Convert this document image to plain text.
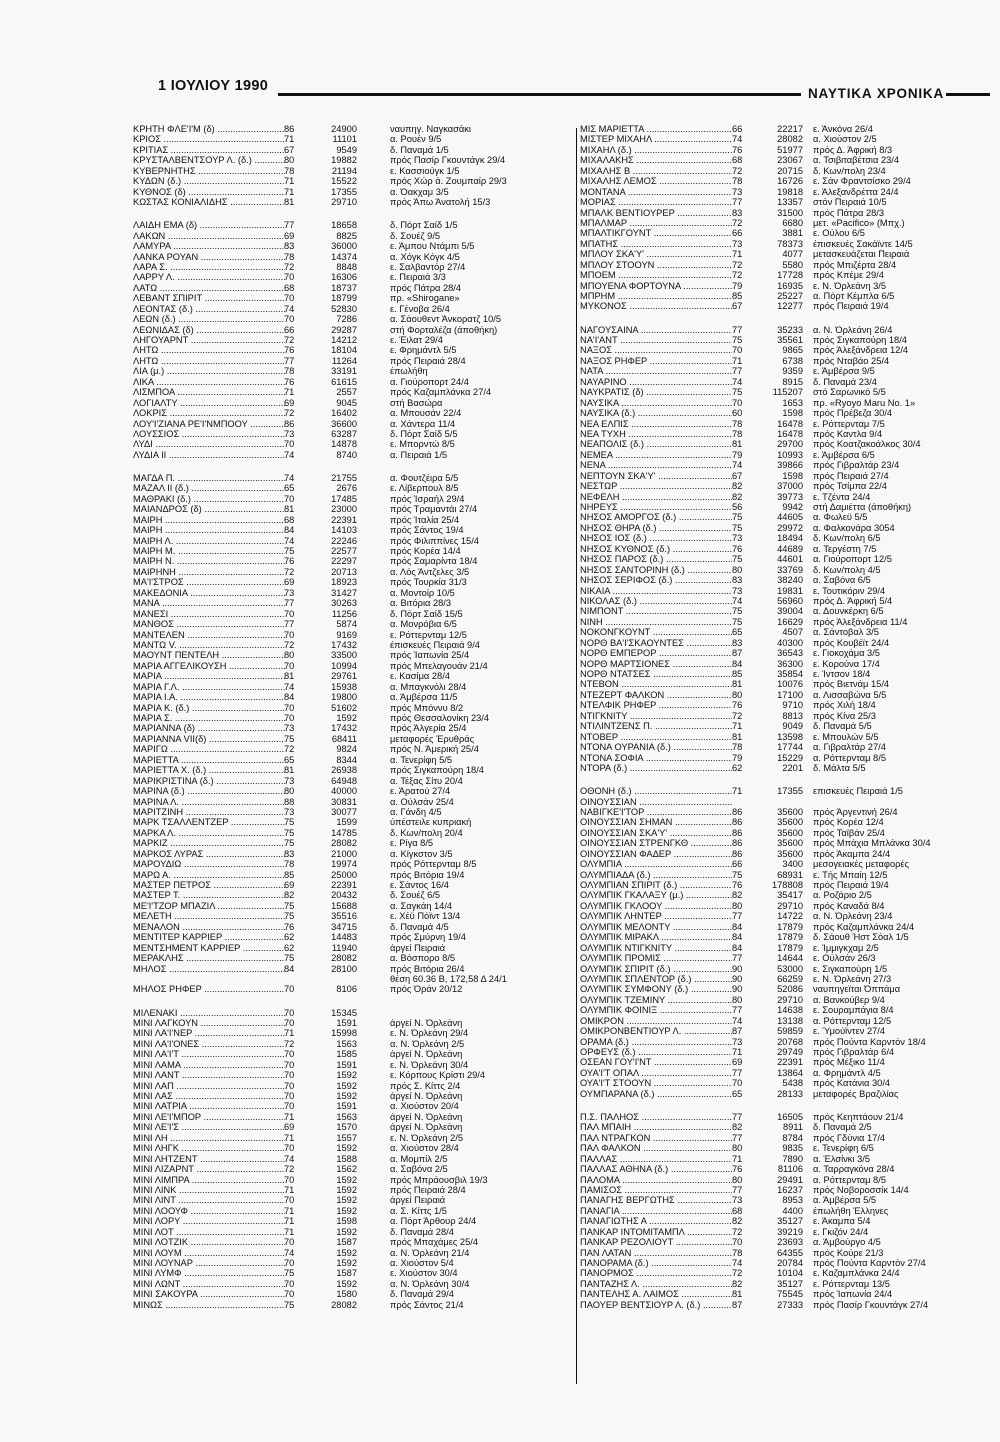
1 ΙΟΥΛΙΟΥ 1990	ΝΑΥΤΙΚΑ ΧΡΟΝΙΚΑ
ΚΡΗΤΗ ΦΛΕ'Ι'Μ (δ) .....	86	24900	ναυπηγ. Ναγκασάκι
ΚΡΙΟΣ .....	71	11101	α. Ρουέν 9/5
ΚΡΙΤΙΑΣ .....	67	9549	δ. Παναμά 1/5
ΚΡΥΣΤΑΛΒΕΝΤΣΟΥΡ Λ. (δ.) .....	80	19882	πρός Πασίρ Γκουντάγκ 29/4
ΚΥΒΕΡΝΗΤΗΣ .....	78	21194	ε. Κασσιούγκ 1/5
ΚΥΔΩΝ (δ.) .....	71	15522	πρός Χώρ ά. Ζουμπαίρ 29/3
ΚΥΘΝΟΣ (δ) .....	71	17355	α. Όακχαμ 3/5
ΚΩΣΤΑΣ ΚΟΝΙΑΛΙΔΗΣ .....	81	29710	πρός Άπω Άνατολή 15/3
ΛΑΙΔΗ ΕΜΑ (δ) .....	77	18658	δ. Πόρτ Σαίδ 1/5
ΛΑΚΩΝ .....	69	8825	δ. Σουέζ 9/5
ΛΑΜΥΡΑ .....	83	36000	ε. Άμπου Ντάμπι 5/5
ΛΑΝΚΑ ΡΟΥΑΝ .....	78	14374	α. Χόγκ Κόγκ 4/5
ΛΑΡΑ Σ. .....	72	8848	ε. Σαλβαντόρ 27/4
ΛΑΡΡΥ Λ. .....	70	16306	ε. Πειραιά 3/3
ΛΑΤΩ .....	68	18737	πρός Πάτρα 28/4
ΛΕΒΑΝΤ ΣΠΙΡΙΤ .....	70	18799	πρ. «Shirogane»
ΛΕΟΝΤΑΣ (δ.) .....	74	52830	ε. Γένοβα 26/4
ΛΕΩΝ (δ.) .....	70	7286	α. Σάουθεντ Άνκορατζ 10/5
ΛΕΩΝΙΔΑΣ (δ) .....	66	29287	στή Φορταλέζα (άποθήκη)
ΛΗΓΟΥΑΡΝΤ .....	72	14212	ε. Έιλατ 29/4
ΛΗΤΩ .....	76	18104	ε. Φρημάντλ 5/5
ΛΗΤΩ .....	77	11264	πρός Πειραιά 28/4
ΛΙΑ (μ.) .....	78	33191	έπωλήθη
ΛΙΚΑ .....	76	61615	α. Γιούροπορτ 24/4
ΛΙΣΜΠΟΑ .....	71	2557	πρός Καζαμπλάνκα 27/4
ΛΟΓΙΑΛΤΥ .....	69	9045	στή Βασώρα
ΛΟΚΡΙΣ .....	72	16402	α. Μπουσάν 22/4
ΛΟΥ'Ι'ΖΙΑΝΑ ΡΕ'Ι'ΝΜΠΟΟΥ .....	86	36600	α. Χάντερα 11/4
ΛΟΥΣΣΙΟΣ .....	73	63287	δ. Πόρτ Σαίδ 5/5
ΛΥΔΙ .....	70	14878	ε. Μπορντώ 8/5
ΛΥΔΙΑ ΙΙ .....	74	8740	α. Πειραιά 1/5
ΜΑΓΔΑ Π. .....	74	21755	α. Φουτζέιρα 5/5
ΜΑΖΑΛ ΙΙ (δ.) .....	65	2676	ε. Λίβερπουλ 8/5
ΜΑΘΡΑΚΙ (δ.) .....	70	17485	πρός Ίσραήλ 29/4
ΜΑΙΑΝΔΡΟΣ (δ) .....	81	23000	πρός Τραμαντάι 27/4
ΜΑΙΡΗ .....	68	22391	πρός Ίταλία 25/4
ΜΑΙΡΗ .....	84	14103	πρός Σάντος 19/4
ΜΑΙΡΗ Λ. .....	74	22246	πρός Φιλιππίνες 15/4
ΜΑΙΡΗ Μ. .....	75	22577	πρός Κορέα 14/4
ΜΑΙΡΗ Ν. .....	76	22297	πρός Σαμαρίντα 18/4
ΜΑΙΡΗΝΗ .....	72	20713	α. Λός Άντζελες 3/5
ΜΑ'Ι'ΣΤΡΟΣ .....	69	18923	πρός Τουρκία 31/3
ΜΑΚΕΔΟΝΙΑ .....	73	31427	α. Μοντοίρ 10/5
ΜΑΝΑ .....	77	30263	α. Βιτόρια 28/3
ΜΑΝΕΣΙ .....	70	11256	δ. Πόρτ Σαίδ 15/5
ΜΑΝΘΟΣ .....	77	5874	α. Μονρόβια 6/5
ΜΑΝΤΕΛΕΝ .....	70	9169	ε. Ρόττερνταμ 12/5
ΜΑΝΤΩ V. .....	72	17432	έπισκευές Πειραιά 9/4
ΜΑΟΥΝΤ ΠΕΝΤΕΛΗ .....	80	33500	πρός Ίαπωνία 25/4
ΜΑΡΙΑ ΑΓΓΕΛΙΚΟΥΣΗ .....	70	10994	πρός Μπελαγουάν 21/4
ΜΑΡΙΑ .....	81	29761	ε. Κασίμα 28/4
ΜΑΡΙΑ Γ.Λ. .....	74	15938	α. Μπαγκνόλι 28/4
ΜΑΡΙΑ Ι.Α. .....	84	19800	α. Άμβέρσα 11/5
ΜΑΡΙΑ Κ. (δ.) .....	70	51602	πρός Μπόννυ 8/2
ΜΑΡΙΑ Σ. .....	70	1592	πρός Θεσσαλονίκη 23/4
ΜΑΡΙΑΝΝΑ (δ) .....	73	17432	πρός Άλγερία 25/4
ΜΑΡΙΑΝΝΑ VII(δ) .....	75	68411	μεταφορές Έρυθράς
ΜΑΡΙΓΩ .....	72	9824	πρός Ν. Άμερική 25/4
ΜΑΡΙΕΤΤΑ .....	65	8344	α. Τενερίφη 5/5
ΜΑΡΙΕΤΤΑ Χ. (δ.) .....	81	26938	πρός Σιγκαπούρη 18/4
ΜΑΡΙΚΡΙΣΤΙΝΑ (δ.) .....	73	64948	α. Τέξας Σίτυ 20/4
ΜΑΡΙΝΑ (δ.) .....	80	40000	ε. Άρατού 27/4
ΜΑΡΙΝΑ Λ. .....	88	30831	α. Ούλσάν 25/4
ΜΑΡΙΤΖΙΝΗ .....	73	30077	α. Γάνδη 4/5
ΜΑΡΚ ΤΣΑΛΛΕΝΤΖΕΡ .....	75	1599	ύπέστειλε κυπριακή
ΜΑΡΚΑ Λ. .....	75	14785	δ. Κων/πολη 20/4
ΜΑΡΚΙΖ .....	75	28082	ε. Ρίγα 8/5
ΜΑΡΚΟΣ ΛΥΡΑΣ .....	83	21000	α. Κίγκστον 3/5
ΜΑΡΟΥΔΙΩ .....	78	19974	πρός Ρόττερνταμ 8/5
ΜΑΡΩ Α. .....	85	25000	πρός Βιτόρια 19/4
ΜΑΣΤΕΡ ΠΕΤΡΟΣ .....	69	22391	ε. Σάντος 16/4
ΜΑΣΤΕΡ Τ. .....	82	20432	δ. Σουέζ 6/5
ΜΕ'Ι'ΤΖΟΡ ΜΠΑΖΙΛ .....	75	15688	α. Σαγκάη 14/4
ΜΕΛΕΤΗ .....	75	35516	ε. Χέϋ Πόϊντ 13/4
ΜΕΝΑΛΟΝ .....	76	34715	δ. Παναμά 4/5
ΜΕΝΤΙΤΕΡ ΚΑΡΡΙΕΡ .....	62	14483	πρός Σμύρνη 19/4
ΜΕΝΤΣΗΜΕΝΤ ΚΑΡΡΙΕΡ .....	62	11940	άργεί Πειραιά
ΜΕΡΑΚΛΗΣ .....	75	28082	α. Βόσπορο 8/5
ΜΗΛΟΣ .....	84	28100	πρός Βιτόρια 26/4
θέση 60.36 Β, 172,58 Δ 24/1
ΜΗΛΟΣ ΡΗΦΕΡ .....	70	8106	πρός Όράν 20/12
ΜΙΛΕΝΑΚΙ .....	70	15345
ΜΙΝΙ ΛΑΓΚΟΥΝ .....	70	1591	άργεί Ν. Όρλεάνη
ΜΙΝΙ ΛΑ'Ι'ΝΕΡ .....	71	15998	ε. Ν. Όρλεάνη 29/4
ΜΙΝΙ ΛΑ'Ι'ΟΝΕΣ .....	72	1563	α. Ν. Όρλεάνη 2/5
ΜΙΝΙ ΛΑ'Ι'Τ .....	70	1585	άργεί Ν. Όρλεάνη
ΜΙΝΙ ΛΑΜΑ .....	70	1591	ε. Ν. Όρλεάνη 30/4
ΜΙΝΙ ΛΑΝΤ .....	70	1592	ε. Κόρπους Κρίστι 29/4
ΜΙΝΙ ΛΑΠ .....	70	1592	πρός Σ. Κίττς 2/4
ΜΙΝΙ ΛΑΣ .....	70	1592	άργεί Ν. Όρλεάνη
ΜΙΝΙ ΛΑΤΡΙΑ .....	70	1591	α. Χιούστον 20/4
ΜΙΝΙ ΛΕ'Ι'ΜΠΟΡ .....	71	1563	άργεί Ν. Όρλεάνη
ΜΙΝΙ ΛΕ'Ι'Σ .....	69	1570	άργεί Ν. Όρλεάνη
ΜΙΝΙ ΛΗ .....	71	1557	ε. Ν. Όρλεάνη 2/5
ΜΙΝΙ ΛΗΓΚ .....	70	1592	α. Χιούστον 28/4
ΜΙΝΙ ΛΗΤΖΕΝΤ .....	74	1588	α. Μομπίλ 2/5
ΜΙΝΙ ΛΙΖΑΡΝΤ .....	72	1562	α. Σαβόνα 2/5
ΜΙΝΙ ΛΙΜΠΡΑ .....	70	1592	πρός Μπράουσβιλ 19/3
ΜΙΝΙ ΛΙΝΚ .....	71	1592	πρός Πειραιά 28/4
ΜΙΝΙ ΛΙΝΤ .....	70	1592	άργεί Πειραιά
ΜΙΝΙ ΛΟΟΥΦ .....	71	1592	α. Σ. Κίττς 1/5
ΜΙΝΙ ΛΟΡΥ .....	71	1598	α. Πόρτ Άρθουρ 24/4
ΜΙΝΙ ΛΟΤ .....	71	1592	δ. Παναμά 28/4
ΜΙΝΙ ΛΟΤΖΙΚ .....	70	1587	πρός Μπαχάμες 25/4
ΜΙΝΙ ΛΟΥΜ .....	74	1592	α. Ν. Όρλεάνη 21/4
ΜΙΝΙ ΛΟΥΝΑΡ .....	70	1592	α. Χιούστον 5/4
ΜΙΝΙ ΛΥΜΦ .....	75	1587	ε. Χιούστον 30/4
ΜΙΝΙ ΛΩΝΤ .....	70	1592	α. Ν. Όρλεάνη 30/4
ΜΙΝΙ ΣΑΚΟΥΡΑ .....	70	1580	δ. Παναμά 29/4
ΜΙΝΩΣ .....	75	28082	πρός Σάντος 21/4
ΜΙΣ ΜΑΡΙΕΤΤΑ .....	66	22217 ε. Άνκόνα 26/4
ΜΙΣΤΕΡ ΜΙΧΑΗΛ .....	74	28082 α. Χιούστον 2/5
ΜΙΧΑΗΛ (δ.) .....	76	51977 πρός Δ. Άφρική 8/3
ΜΙΧΑΛΑΚΗΣ .....	68	23067 α. Τσιβιταβέτσια 23/4
ΜΙΧΑΛΗΣ Β .....	72	20715 δ. Κων/πολη 23/4
ΜΙΧΑΛΗΣ ΛΕΜΟΣ .....	78	16726 ε. Σάν Φραντσίσκο 29/4
ΜΟΝΤΑΝΑ .....	73	19818 ε. Άλεξανδρέττα 24/4
ΜΟΡΙΑΣ .....	77	13357 στόν Πειραιά 10/5
ΜΠΑΛΚ ΒΕΝΤΙΟΥΡΕΡ .....	83	31500 πρός Πάτρα 28/3
ΜΠΑΛΜΑΡ .....	72	6680 μετ. «Pacifico» (Μπχ.)
ΜΠΑΛΤΙΚΓΟΥΝΤ .....	66	3881 ε. Ούλου 6/5
ΜΠΑΤΗΣ .....	73	78373 έπισκευές Σακάϊντε 14/5
ΜΠΛΟΥ ΣΚΑ'Υ' .....	71	4077 μετασκευάζεται Πειραιά
ΜΠΛΟΥ ΣΤΟΟΥΝ .....	72	5580 πρός Μπιζέρτα 28/4
ΜΠΟΕΜ .....	72	17728 πρός Κπέμε 29/4
ΜΠΟΥΕΝΑ ΦΟΡΤΟΥΝΑ .....	79	16935 ε. Ν. Όρλεάνη 3/5
ΜΠΡΗΜ .....	85	25227 α. Πόρτ Κέμπλα 6/5
ΜΥΚΟΝΟΣ .....	67	12277 πρός Πειραιά 19/4
ΝΑΓΟΥΣΑΙΝΑ .....	77	35233 α. Ν. Όρλεάνη 26/4
ΝΑ'Ι'ΑΝΤ .....	75	35561 πρός Σιγκαπούρη 18/4
ΝΑΞΟΣ .....	70	9865 πρός Άλεξάνδρεια 12/4
ΝΑΞΟΣ ΡΗΦΕΡ .....	71	6738 πρός Νταβάο 25/4
ΝΑΤΑ .....	77	9359 ε. Άμβέρσα 9/5
ΝΑΥΑΡΙΝΟ .....	74	8915 δ. Παναμά 23/4
ΝΑΥΚΡΑΤΙΣ (δ) .....	75	115207 στό Σαρωνικό 5/5
ΝΑΥΣΙΚΑ .....	70	1653 πρ. «Ryoyo Maru No. 1»
ΝΑΥΣΙΚΑ (δ.) .....	60	1598 πρός Πρέβεζα 30/4
ΝΕΑ ΕΛΠΙΣ .....	78	16478 ε. Ρόττερνταμ 7/5
ΝΕΑ ΤΥΧΗ .....	78	16478 πρός Καντλα 9/4
ΝΕΑΠΟΛΙΣ (δ.) .....	81	29700 πρός Κοατζακοάλκος 30/4
ΝΕΜΕΑ .....	79	10993 ε. Άμβέρσα 6/5
ΝΕΝΑ .....	74	39866 πρός Γιβραλτάρ 23/4
ΝΕΠΤΟΥΝ ΣΚΑ'Υ' .....	67	1598 πρός Πειραιά 27/4
ΝΕΣΤΩΡ .....	82	37000 πρός Τσίμπα 22/4
ΝΕΦΕΛΗ .....	82	39773 ε. Τζέντα 24/4
ΝΗΡΕΥΣ .....	56	9942 στή Δαμιέττα (άποθήκη)
ΝΗΣΟΣ ΑΜΟΡΓΟΣ (δ.) .....	75	44605 α. Φωλεϋ 5/5
ΝΗΣΟΣ ΘΗΡΑ (δ.) .....	75	29972 α. Φαλκονάρα 3054
ΝΗΣΟΣ ΙΟΣ (δ.) .....	73	18494 δ. Κων/πολη 6/5
ΝΗΣΟΣ ΚΥΘΝΟΣ (δ.) .....	76	44689 α. Τεργέστη 7/5
ΝΗΣΟΣ ΠΑΡΟΣ (δ.) .....	75	44601 α. Γιούροπορτ 12/5
ΝΗΣΟΣ ΣΑΝΤΟΡΙΝΗ (δ.) .....	80	33769 δ. Κων/πολη 4/5
ΝΗΣΟΣ ΣΕΡΙΦΟΣ (δ.) .....	83	38240 α. Σαβόνα 6/5
ΝΙΚΑΙΑ .....	73	19831 ε. Τουτικόριν 29/4
ΝΙΚΟΛΑΣ (δ.) .....	74	56960 πρός Δ. Άφρική 5/4
ΝΙΜΠΟΝΤ .....	75	39004 α. Δουνκέρκη 6/5
ΝΙΝΗ .....	75	16629 πρός Άλεξάνδρεια 11/4
ΝΟΚΟΝΓΚΟΥΝΤ .....	65	4507 α. Σάντοβαλ 3/5
ΝΟΡΘ ΒΑ'Ι'ΣΚΑΟΥΝΤΕΣ .....	83	40300 πρός Κουβέϊτ 24/4
ΝΟΡΘ ΕΜΠΕΡΟΡ .....	87	36543 ε. Γιοκοχάμα 3/5
ΝΟΡΘ ΜΑΡΤΣΙΟΝΕΣ .....	84	36300 ε. Κορούνα 17/4
ΝΟΡΘ ΝΤΑΤΣΕΣ .....	85	35854 ε. Ίντσον 18/4
ΝΤΕΒΟΝ .....	81	10076 πρός Βιετνάμ 15/4
ΝΤΕΖΕΡΤ ΦΑΛΚΟΝ .....	80	17100 α. Λισσαβώνα 5/5
ΝΤΕΛΦΙΚ ΡΗΦΕΡ .....	76	9710 πρός Χιλή 18/4
ΝΤΙΓΚΝΙΤΥ .....	72	8813 πρός Κίνα 25/3
ΝΤΙΛΙΝΤΖΕΝΣ Π. .....	71	9049 δ. Παναμά 5/5
ΝΤΟΒΕΡ .....	81	13598 ε. Μπουλών 5/5
ΝΤΟΝΑ ΟΥΡΑΝΙΑ (δ.) .....	78	17744 α. Γιβραλτάρ 27/4
ΝΤΟΝΑ ΣΟΦΙΑ .....	79	15229 α. Ρόττερνταμ 8/5
ΝΤΟΡΑ (δ.) .....	62	2201 δ. Μάλτα 5/5
ΟΘΟΝΗ (δ.) .....	71	17355 επισκευές Πειραιά 1/5
ΟΙΝΟΥΣΣΙΑΝ .....
ΝΑΒΙΓΚΕ'Ι'ΤΟΡ .....	86	35600 πρός Άργεντινή 26/4
ΟΙΝΟΥΣΣΙΑΝ ΣΗΜΑΝ .....	86	35600 πρός Κορέα 12/4
ΟΙΝΟΥΣΣΙΑΝ ΣΚΑ'Υ' .....	86	35600 πρός Ταϊβάν 25/4
ΟΙΝΟΥΣΣΙΑΝ ΣΤΡΕΝΓΚΘ .....	86	35600 πρός Μπάχια Μπλάνκα 30/4
ΟΙΝΟΥΣΣΙΑΝ ΦΑΔΕΡ .....	86	35600 πρός Άκαμπα 24/4
ΟΛΥΜΠΙΑ .....	66	3400 μεσογειακές μεταφορές
ΟΛΥΜΠΙΑΔΑ (δ.) .....	75	68931 ε. Τής Μπαίη 12/5
ΟΛΥΜΠΙΑΝ ΣΠΙΡΙΤ (δ.) .....	76	178808 πρός Πειραιά 19/4
ΟΛΥΜΠΙΚ ΓΚΑΛΑΞΥ (μ.) .....	82	35417 α. Ροζάριο 2/5
ΟΛΥΜΠΙΚ ΓΚΛΟΟΥ .....	80	29710 πρός Καναδά 8/4
ΟΛΥΜΠΙΚ ΛΗΝΤΕΡ .....	77	14722 α. Ν. Όρλεάνη 23/4
ΟΛΥΜΠΙΚ ΜΕΛΟΝΤΥ .....	84	17879 πρός Καζαμπλάνκα 24/4
ΟΛΥΜΠΙΚ ΜΙΡΑΚΛ .....	84	17879 δ. Σάουθ Ήστ Σόαλ 1/5
ΟΛΥΜΠΙΚ ΝΤΙΓΚΝΙΤΥ .....	84	17879 ε. Ίμμιγκχαμ 2/5
ΟΛΥΜΠΙΚ ΠΡΟΜΙΣ .....	77	14644 ε. Ούλσάν 26/3
ΟΛΥΜΠΙΚ ΣΠΙΡΙΤ (δ.) .....	90	53000 ε. Σιγκαπούρη 1/5
ΟΛΥΜΠΙΚ ΣΠΛΕΝΤΟΡ (δ.) .....	90	66259 ε. Ν. Όρλεάνη 27/3
ΟΛΥΜΠΙΚ ΣΥΜΦΟΝΥ (δ.) .....	90	52086 ναυπηγεϊται Όππάμα
ΟΛΥΜΠΙΚ ΤΖΕΜΙΝΥ .....	80	29710 α. Βανκούβερ 9/4
ΟΛΥΜΠΙΚ ΦΟΙΝΙΞ .....	77	14638 ε. Σουραμπάγια 8/4
ΟΜΙΚΡΟΝ .....	74	13138 α. Ρόττερνταμ 12/5
ΟΜΙΚΡΟΝΒΕΝΤΙΟΥΡ Λ. .....	87	59859 ε. Ύμούϊντεν 27/4
ΟΡΑΜΑ (δ.) .....	73	20768 πρός Πούντα Καρντόν 18/4
ΟΡΦΕΥΣ (δ.) .....	71	29749 πρός Γιβραλτάρ 6/4
ΟΣΕΑΝ ΓΟΥ'Ι'ΝΤ .....	69	22391 πρός Μέξικο 11/4
ΟΥΑ'Ι'Τ ΟΠΑΛ .....	77	13864 α. Φρημάντλ 4/5
ΟΥΑ'Ι'Τ ΣΤΟΟΥΝ .....	70	5438 πρός Κατάνια 30/4
ΟΥΜΠΑΡΑΝΑ (δ.) .....	65	28133 μεταφορές Βραζιλίας
Π.Σ. ΠΑΛΗΟΣ .....	77	16505 πρός Κεηπτάουν 21/4
ΠΑΛ ΜΠΑΙΗ .....	82	8911 δ. Παναμά 2/5
ΠΑΛ ΝΤΡΑΓΚΟΝ .....	77	8784 πρός Γδύνια 17/4
ΠΑΛ ΦΑΛΚΟΝ .....	80	9835 ε. Τενερίφη 6/5
ΠΑΛΛΑΣ .....	71	7890 α. Έλσίνκι 3/5
ΠΑΛΛΑΣ ΑΘΗΝΑ (δ.) .....	76	81106 α. Ταρραγκόνα 28/4
ΠΑΛΟΜΑ .....	80	29491 α. Ρόττερνταμ 8/5
ΠΑΜΙΣΟΣ .....	77	16237 πρός Νοβοροσσίκ 14/4
ΠΑΝΑΓΗΣ ΒΕΡΓΩΤΗΣ .....	73	8953 α. Άμβέρσα 5/5
ΠΑΝΑΓΙΑ .....	68	4400 έπωλήθη Έλληνες
ΠΑΝΑΓΙΩΤΗΣ Α .....	82	35127 ε. Άκαμπα 5/4
ΠΑΝΚΑΡ ΙΝΤΟΜΙΤΑΜΠΛ .....	72	39219 ε. Γκιζόν 24/4
ΠΑΝΚΑΡ ΡΕΖΟΛΙΟΥΤ .....	70	23693 α. Άμβούργο 4/5
ΠΑΝ ΛΑΤΑΝ .....	78	64355 πρός Κούρε 21/3
ΠΑΝΟΡΑΜΑ (δ.) .....	74	20784 πρός Πούντα Καρντόν 27/4
ΠΑΝΟΡΜΟΣ .....	72	10104 ε. Καζαμπλάνκα 24/4
ΠΑΝΤΑΖΗΣ Λ. .....	82	35127 ε. Ρόττερνταμ 13/5
ΠΑΝΤΕΛΗΣ Α. ΛΑΙΜΟΣ .....	81	75545 πρός Ίαπωνία 24/4
ΠΑΟΥΕΡ ΒΕΝΤΣΙΟΥΡ Λ. (δ.) .....	87	27333 πρός Πασίρ Γκουντάγκ 27/4
